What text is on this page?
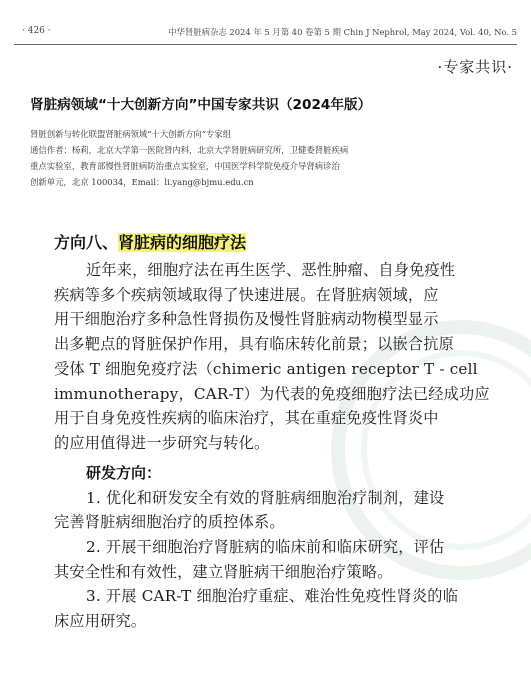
· 426 ·	中华肾脏病杂志 2024 年 5 月第 40 卷第 5 期 Chin J Nephrol, May 2024, Vol. 40, No. 5
·专家共识·
肾脏病领域“十大创新方向”中国专家共识（2024年版）
肾脏创新与转化联盟肾脏病领域“十大创新方向”专家组
通信作者：杨莉，北京大学第一医院肾内科，北京大学肾脏病研究所，卫健委肾脏疾病
重点实验室，教育部慢性肾脏病防治重点实验室，中国医学科学院免疫介导肾病诊治
创新单元，北京 100034，Email：li.yang@bjmu.edu.cn
方向八、肾脏病的细胞疗法
近年来，细胞疗法在再生医学、恶性肿瘤、自身免疫性
疾病等多个疾病领域取得了快速进展。在肾脏病领域，应
用干细胞治疗多种急性肾损伤及慢性肾脏病动物模型显示
出多靶点的肾脏保护作用，具有临床转化前景；以嵌合抗原
受体 T 细胞免疫疗法（chimeric antigen receptor T - cell
immunotherapy，CAR-T）为代表的免疫细胞疗法已经成功应
用于自身免疫性疾病的临床治疗，其在重症免疫性肾炎中
的应用值得进一步研究与转化。
研发方向：
1. 优化和研发安全有效的肾脏病细胞治疗制剂，建设
完善肾脏病细胞治疗的质控体系。
2. 开展干细胞治疗肾脏病的临床前和临床研究，评估
其安全性和有效性，建立肾脏病干细胞治疗策略。
3. 开展 CAR-T 细胞治疗重症、难治性免疫性肾炎的临
床应用研究。
